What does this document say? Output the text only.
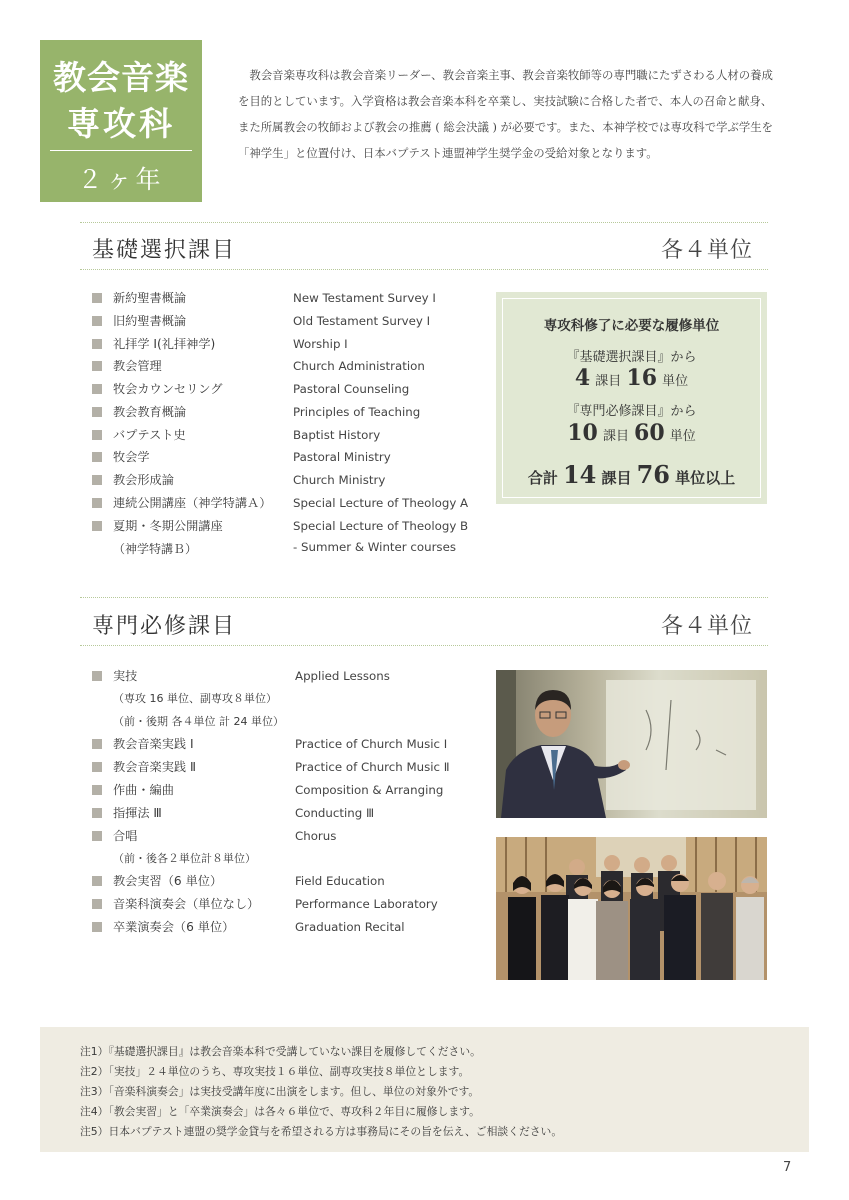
教会音楽
専攻科
２ヶ年

教会音楽専攻科は教会音楽リーダー、教会音楽主事、教会音楽牧師等の専門職にたずさわる人材の養成を目的としています。入学資格は教会音楽本科を卒業し、実技試験に合格した者で、本人の召命と献身、また所属教会の牧師および教会の推薦 ( 総会決議 ) が必要です。また、本神学校では専攻科で学ぶ学生を「神学生」と位置付け、日本バプテスト連盟神学生奨学金の受給対象となります。

基礎選択課目	各４単位
新約聖書概論	New Testament Survey Ⅰ
旧約聖書概論	Old Testament Survey Ⅰ
礼拝学 Ⅰ(礼拝神学)	Worship Ⅰ
教会管理	Church Administration
牧会カウンセリング	Pastoral Counseling
教会教育概論	Principles of Teaching
バプテスト史	Baptist History
牧会学	Pastoral Ministry
教会形成論	Church Ministry
連続公開講座（神学特講Ａ） Special Lecture of Theology A
夏期・冬期公開講座	Special Lecture of Theology B
（神学特講Ｂ）	- Summer & Winter courses
専攻科修了に必要な履修単位
『基礎選択課目』から
4 課目 16 単位
『専門必修課目』から
10 課目 60 単位
合計 14 課目 76 単位以上
専門必修課目	各４単位
実技	Applied Lessons
（専攻 16 単位、副専攻８単位）
（前・後期 各４単位 計 24 単位）
教会音楽実践 Ⅰ	Practice of Church Music Ⅰ
教会音楽実践 Ⅱ	Practice of Church Music Ⅱ
作曲・編曲	Composition & Arranging
指揮法 Ⅲ	Conducting Ⅲ
合唱	Chorus
（前・後各２単位計８単位）
教会実習（6 単位）	Field Education
音楽科演奏会（単位なし）	Performance Laboratory
卒業演奏会（6 単位）	Graduation Recital
注1）『基礎選択課目』は教会音楽本科で受講していない課目を履修してください。
注2）「実技」２４単位のうち、専攻実技１６単位、副専攻実技８単位とします。
注3）「音楽科演奏会」は実技受講年度に出演をします。但し、単位の対象外です。
注4）「教会実習」と「卒業演奏会」は各々６単位で、専攻科２年目に履修します。
注5）日本バプテスト連盟の奨学金貸与を希望される方は事務局にその旨を伝え、ご相談ください。
7
